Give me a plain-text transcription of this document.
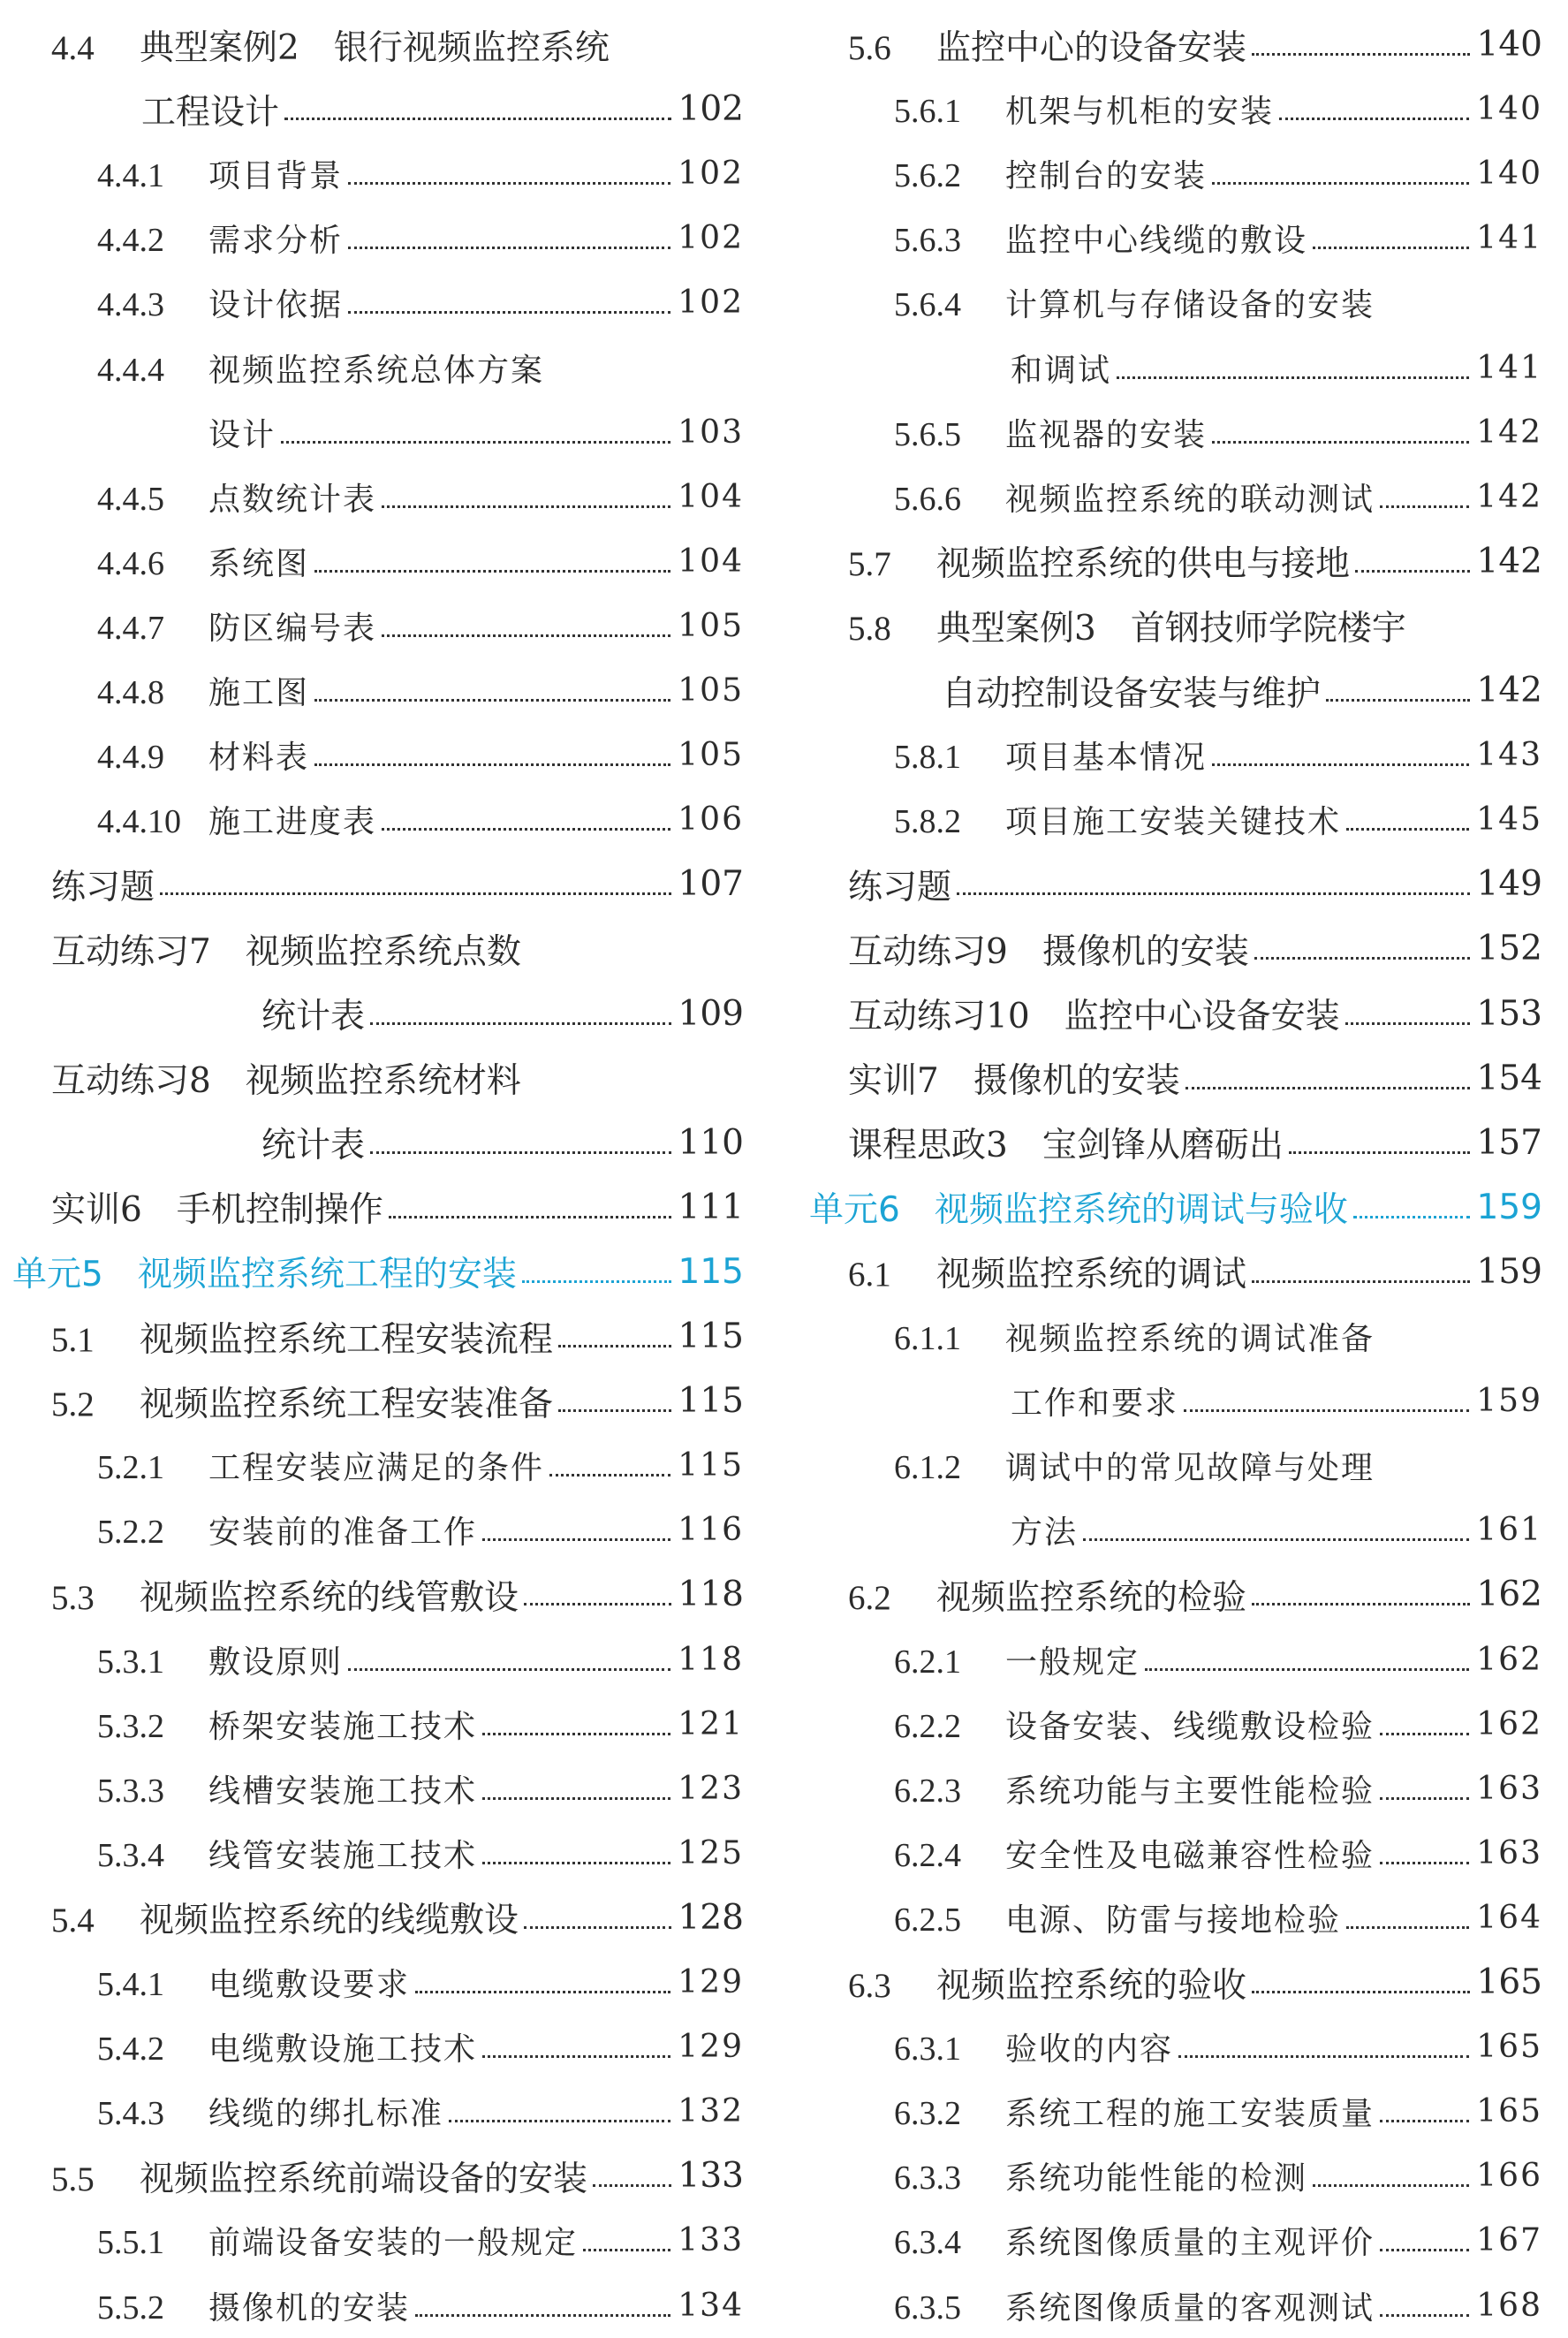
4.4 典型案例2　银行视频监控系统
工程设计	102
4.4.1 项目背景	102
4.4.2 需求分析	102
4.4.3 设计依据	102
4.4.4 视频监控系统总体方案
设计	103
4.4.5 点数统计表	104
4.4.6 系统图	104
4.4.7 防区编号表	105
4.4.8 施工图	105
4.4.9 材料表	105
4.4.10 施工进度表	106
练习题	107
互动练习7　视频监控系统点数
统计表	109
互动练习8　视频监控系统材料
统计表	110
实训6　手机控制操作	111
单元5　视频监控系统工程的安装	115
5.1 视频监控系统工程安装流程	115
5.2 视频监控系统工程安装准备	115
5.2.1 工程安装应满足的条件	115
5.2.2 安装前的准备工作	116
5.3 视频监控系统的线管敷设	118
5.3.1 敷设原则	118
5.3.2 桥架安装施工技术	121
5.3.3 线槽安装施工技术	123
5.3.4 线管安装施工技术	125
5.4 视频监控系统的线缆敷设	128
5.4.1 电缆敷设要求	129
5.4.2 电缆敷设施工技术	129
5.4.3 线缆的绑扎标准	132
5.5 视频监控系统前端设备的安装	133
5.5.1 前端设备安装的一般规定	133
5.5.2 摄像机的安装	134
5.6 监控中心的设备安装	140
5.6.1 机架与机柜的安装	140
5.6.2 控制台的安装	140
5.6.3 监控中心线缆的敷设	141
5.6.4 计算机与存储设备的安装
和调试	141
5.6.5 监视器的安装	142
5.6.6 视频监控系统的联动测试	142
5.7 视频监控系统的供电与接地	142
5.8 典型案例3　首钢技师学院楼宇
自动控制设备安装与维护	142
5.8.1 项目基本情况	143
5.8.2 项目施工安装关键技术	145
练习题	149
互动练习9　摄像机的安装	152
互动练习10　监控中心设备安装	153
实训7　摄像机的安装	154
课程思政3　宝剑锋从磨砺出	157
单元6　视频监控系统的调试与验收	159
6.1 视频监控系统的调试	159
6.1.1 视频监控系统的调试准备
工作和要求	159
6.1.2 调试中的常见故障与处理
方法	161
6.2 视频监控系统的检验	162
6.2.1 一般规定	162
6.2.2 设备安装、线缆敷设检验	162
6.2.3 系统功能与主要性能检验	163
6.2.4 安全性及电磁兼容性检验	163
6.2.5 电源、防雷与接地检验	164
6.3 视频监控系统的验收	165
6.3.1 验收的内容	165
6.3.2 系统工程的施工安装质量	165
6.3.3 系统功能性能的检测	166
6.3.4 系统图像质量的主观评价	167
6.3.5 系统图像质量的客观测试	168
